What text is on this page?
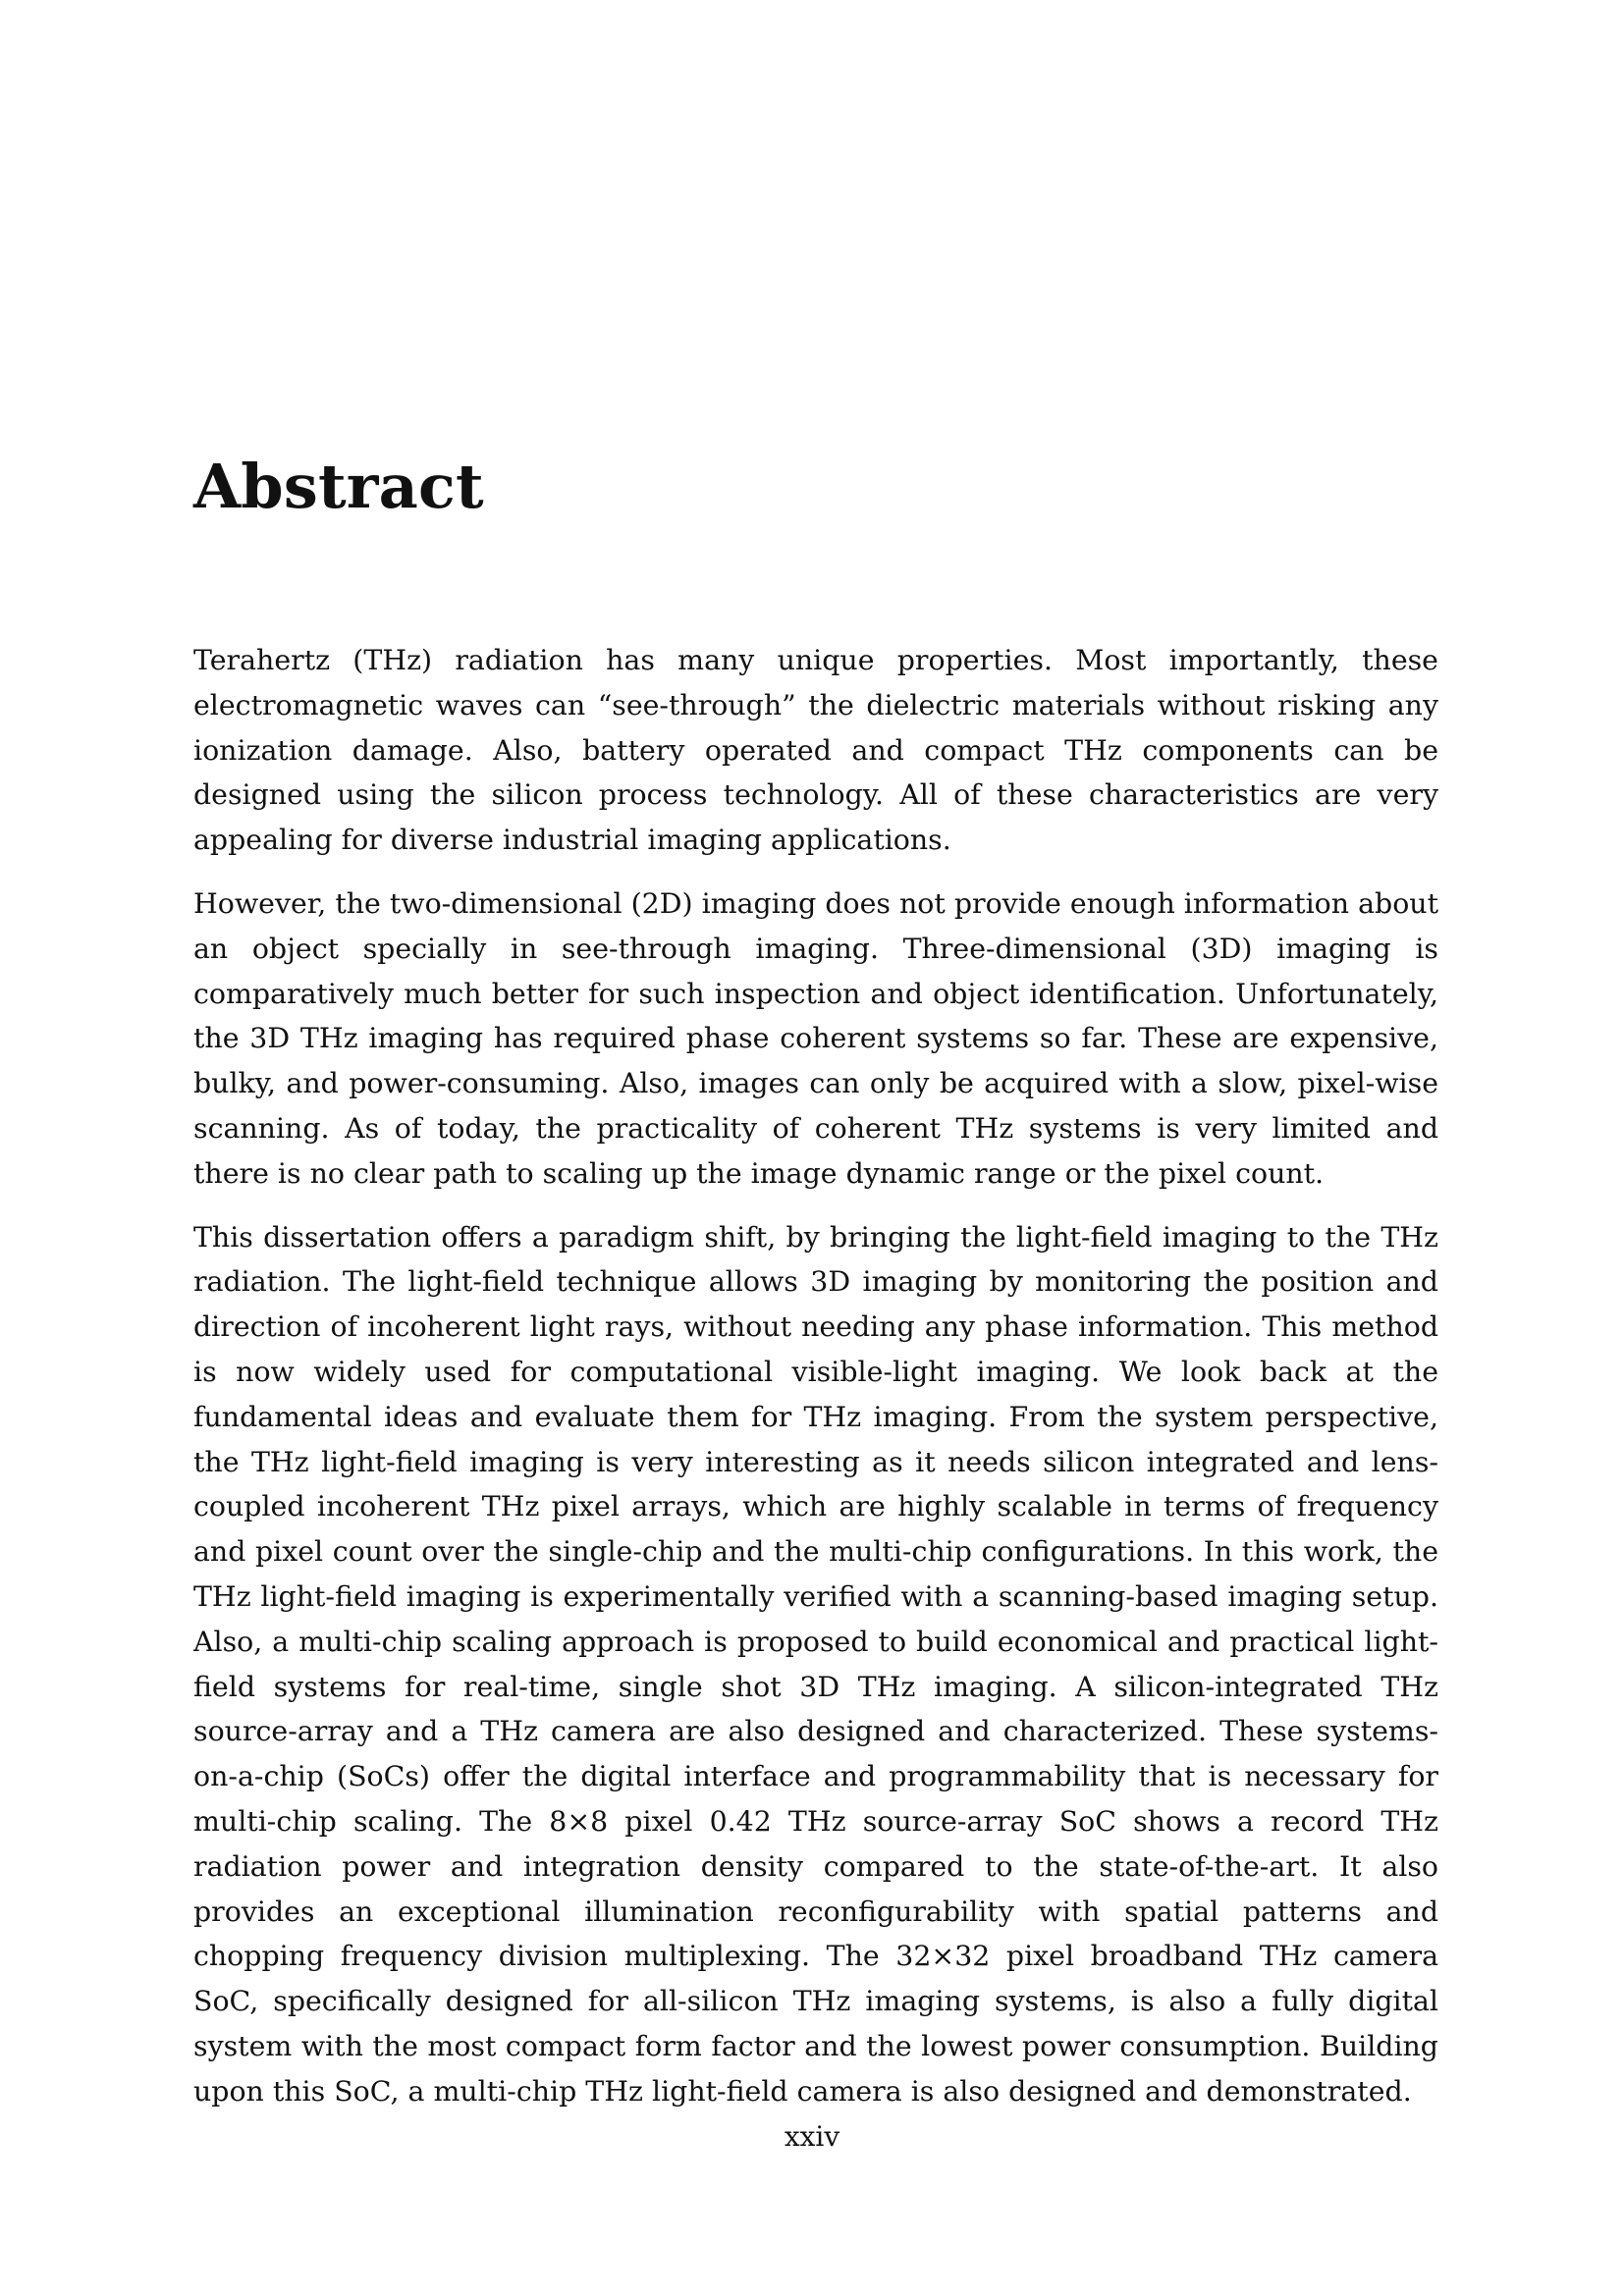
Abstract

Terahertz (THz) radiation has many unique properties. Most importantly, these electromagnetic waves can “see-through” the dielectric materials without risking any ionization damage. Also, battery operated and compact THz components can be designed using the silicon process technology. All of these characteristics are very appealing for diverse industrial imaging applications.

However, the two-dimensional (2D) imaging does not provide enough information about an object specially in see-through imaging. Three-dimensional (3D) imaging is comparatively much better for such inspection and object identification. Unfortunately, the 3D THz imaging has required phase coherent systems so far. These are expensive, bulky, and power-consuming. Also, images can only be acquired with a slow, pixel-wise scanning. As of today, the practicality of coherent THz systems is very limited and there is no clear path to scaling up the image dynamic range or the pixel count.

This dissertation offers a paradigm shift, by bringing the light-field imaging to the THz radiation. The light-field technique allows 3D imaging by monitoring the position and direction of incoherent light rays, without needing any phase information. This method is now widely used for computational visible-light imaging. We look back at the fundamental ideas and evaluate them for THz imaging. From the system perspective, the THz light-field imaging is very interesting as it needs silicon integrated and lens-coupled incoherent THz pixel arrays, which are highly scalable in terms of frequency and pixel count over the single-chip and the multi-chip configurations. In this work, the THz light-field imaging is experimentally verified with a scanning-based imaging setup. Also, a multi-chip scaling approach is proposed to build economical and practical light-field systems for real-time, single shot 3D THz imaging. A silicon-integrated THz source-array and a THz camera are also designed and characterized. These systems-on-a-chip (SoCs) offer the digital interface and programmability that is necessary for multi-chip scaling. The 8×8 pixel 0.42 THz source-array SoC shows a record THz radiation power and integration density compared to the state-of-the-art. It also provides an exceptional illumination reconfigurability with spatial patterns and chopping frequency division multiplexing. The 32×32 pixel broadband THz camera SoC, specifically designed for all-silicon THz imaging systems, is also a fully digital system with the most compact form factor and the lowest power consumption. Building upon this SoC, a multi-chip THz light-field camera is also designed and demonstrated.

xxiv
